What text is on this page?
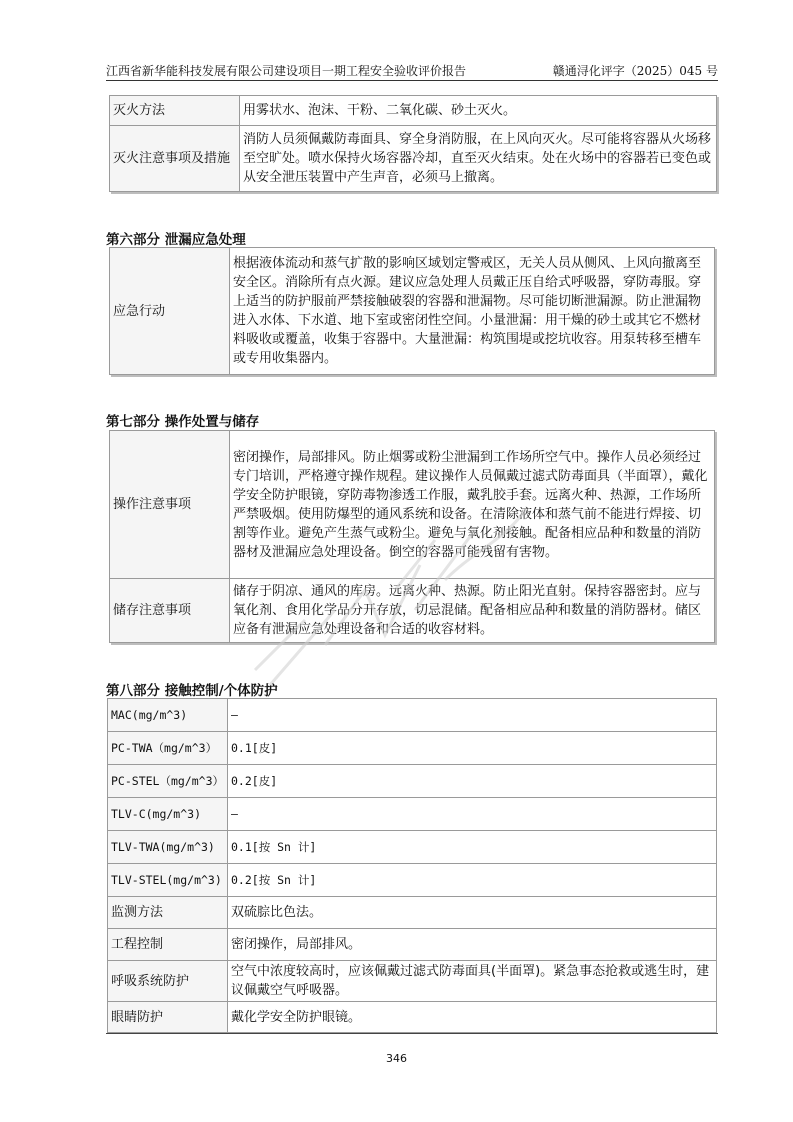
江西省新华能科技发展有限公司建设项目一期工程安全验收评价报告	赣通浔化评字（2025）045 号
灭火方法	用雾状水、泡沫、干粉、二氧化碳、砂土灭火。
灭火注意事项及措施	消防人员须佩戴防毒面具、穿全身消防服，在上风向灭火。尽可能将容器从火场移至空旷处。喷水保持火场容器冷却，直至灭火结束。处在火场中的容器若已变色或从安全泄压装置中产生声音，必须马上撤离。
第六部分 泄漏应急处理
应急行动	根据液体流动和蒸气扩散的影响区域划定警戒区，无关人员从侧风、上风向撤离至安全区。消除所有点火源。建议应急处理人员戴正压自给式呼吸器，穿防毒服。穿上适当的防护服前严禁接触破裂的容器和泄漏物。尽可能切断泄漏源。防止泄漏物进入水体、下水道、地下室或密闭性空间。小量泄漏：用干燥的砂土或其它不燃材料吸收或覆盖，收集于容器中。大量泄漏：构筑围堤或挖坑收容。用泵转移至槽车或专用收集器内。
第七部分 操作处置与储存
操作注意事项	密闭操作，局部排风。防止烟雾或粉尘泄漏到工作场所空气中。操作人员必须经过专门培训，严格遵守操作规程。建议操作人员佩戴过滤式防毒面具（半面罩），戴化学安全防护眼镜，穿防毒物渗透工作服，戴乳胶手套。远离火种、热源，工作场所严禁吸烟。使用防爆型的通风系统和设备。在清除液体和蒸气前不能进行焊接、切割等作业。避免产生蒸气或粉尘。避免与氧化剂接触。配备相应品种和数量的消防器材及泄漏应急处理设备。倒空的容器可能残留有害物。
储存注意事项	储存于阴凉、通风的库房。远离火种、热源。防止阳光直射。保持容器密封。应与氧化剂、食用化学品分开存放，切忌混储。配备相应品种和数量的消防器材。储区应备有泄漏应急处理设备和合适的收容材料。
第八部分 接触控制/个体防护
MAC(mg/m^3)	–
PC-TWA（mg/m^3）	0.1[皮]
PC-STEL（mg/m^3）	0.2[皮]
TLV-C(mg/m^3)	–
TLV-TWA(mg/m^3)	0.1[按 Sn 计]
TLV-STEL(mg/m^3)	0.2[按 Sn 计]
监测方法	双硫腙比色法。
工程控制	密闭操作，局部排风。
呼吸系统防护	空气中浓度较高时，应该佩戴过滤式防毒面具(半面罩)。紧急事态抢救或逃生时，建议佩戴空气呼吸器。
眼睛防护	戴化学安全防护眼镜。
346
